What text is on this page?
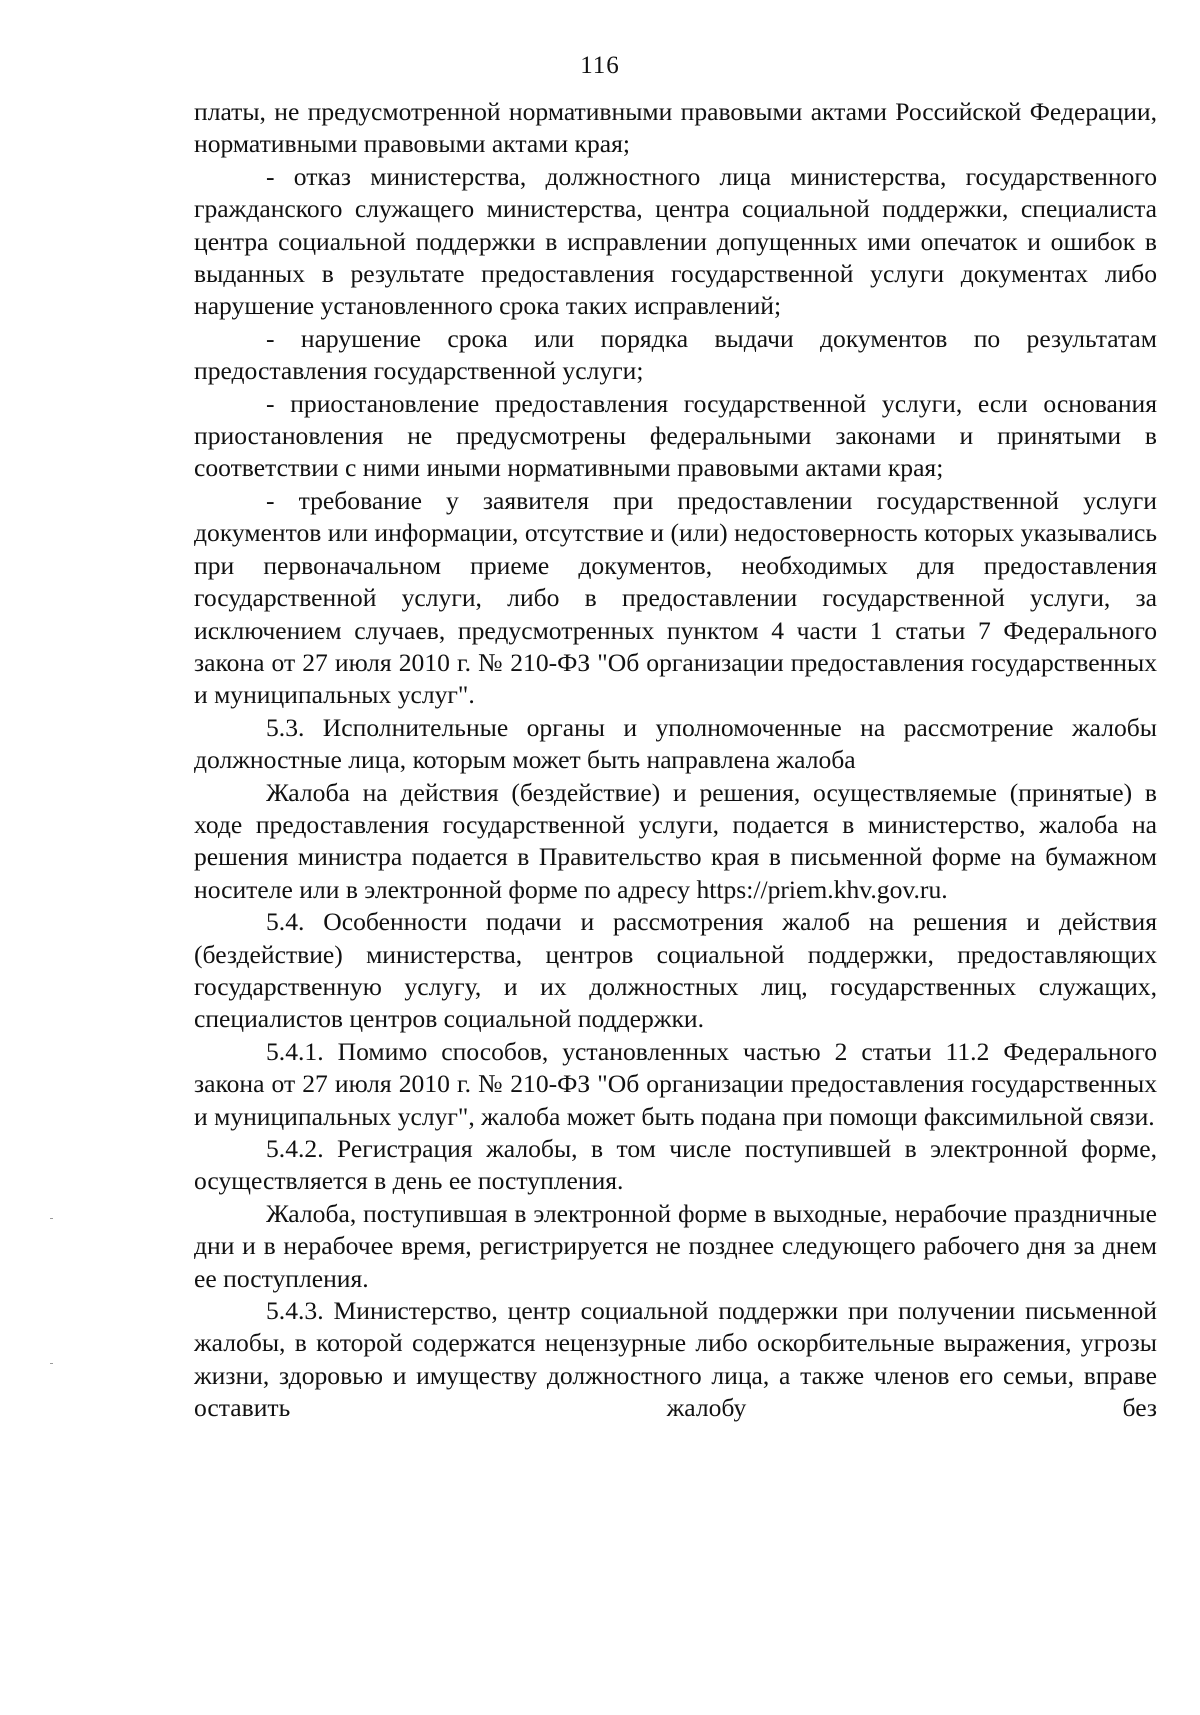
116

платы, не предусмотренной нормативными правовыми актами Российской Федерации, нормативными правовыми актами края;

- отказ министерства, должностного лица министерства, государственного гражданского служащего министерства, центра социальной поддержки, специалиста центра социальной поддержки в исправлении допущенных ими опечаток и ошибок в выданных в результате предоставления государственной услуги документах либо нарушение установленного срока таких исправлений;

- нарушение срока или порядка выдачи документов по результатам предоставления государственной услуги;

- приостановление предоставления государственной услуги, если основания приостановления не предусмотрены федеральными законами и принятыми в соответствии с ними иными нормативными правовыми актами края;

- требование у заявителя при предоставлении государственной услуги документов или информации, отсутствие и (или) недостоверность которых указывались при первоначальном приеме документов, необходимых для предоставления государственной услуги, либо в предоставлении государственной услуги, за исключением случаев, предусмотренных пунктом 4 части 1 статьи 7 Федерального закона от 27 июля 2010 г. № 210-ФЗ "Об организации предоставления государственных и муниципальных услуг".

5.3. Исполнительные органы и уполномоченные на рассмотрение жалобы должностные лица, которым может быть направлена жалоба

Жалоба на действия (бездействие) и решения, осуществляемые (принятые) в ходе предоставления государственной услуги, подается в министерство, жалоба на решения министра подается в Правительство края в письменной форме на бумажном носителе или в электронной форме по адресу https://priem.khv.gov.ru.

5.4. Особенности подачи и рассмотрения жалоб на решения и действия (бездействие) министерства, центров социальной поддержки, предоставляющих государственную услугу, и их должностных лиц, государственных служащих, специалистов центров социальной поддержки.

5.4.1. Помимо способов, установленных частью 2 статьи 11.2 Федерального закона от 27 июля 2010 г. № 210-ФЗ "Об организации предоставления государственных и муниципальных услуг", жалоба может быть подана при помощи факсимильной связи.

5.4.2. Регистрация жалобы, в том числе поступившей в электронной форме, осуществляется в день ее поступления.

Жалоба, поступившая в электронной форме в выходные, нерабочие праздничные дни и в нерабочее время, регистрируется не позднее следующего рабочего дня за днем ее поступления.

5.4.3. Министерство, центр социальной поддержки при получении письменной жалобы, в которой содержатся нецензурные либо оскорбительные выражения, угрозы жизни, здоровью и имуществу должностного лица, а также членов его семьи, вправе оставить жалобу без
